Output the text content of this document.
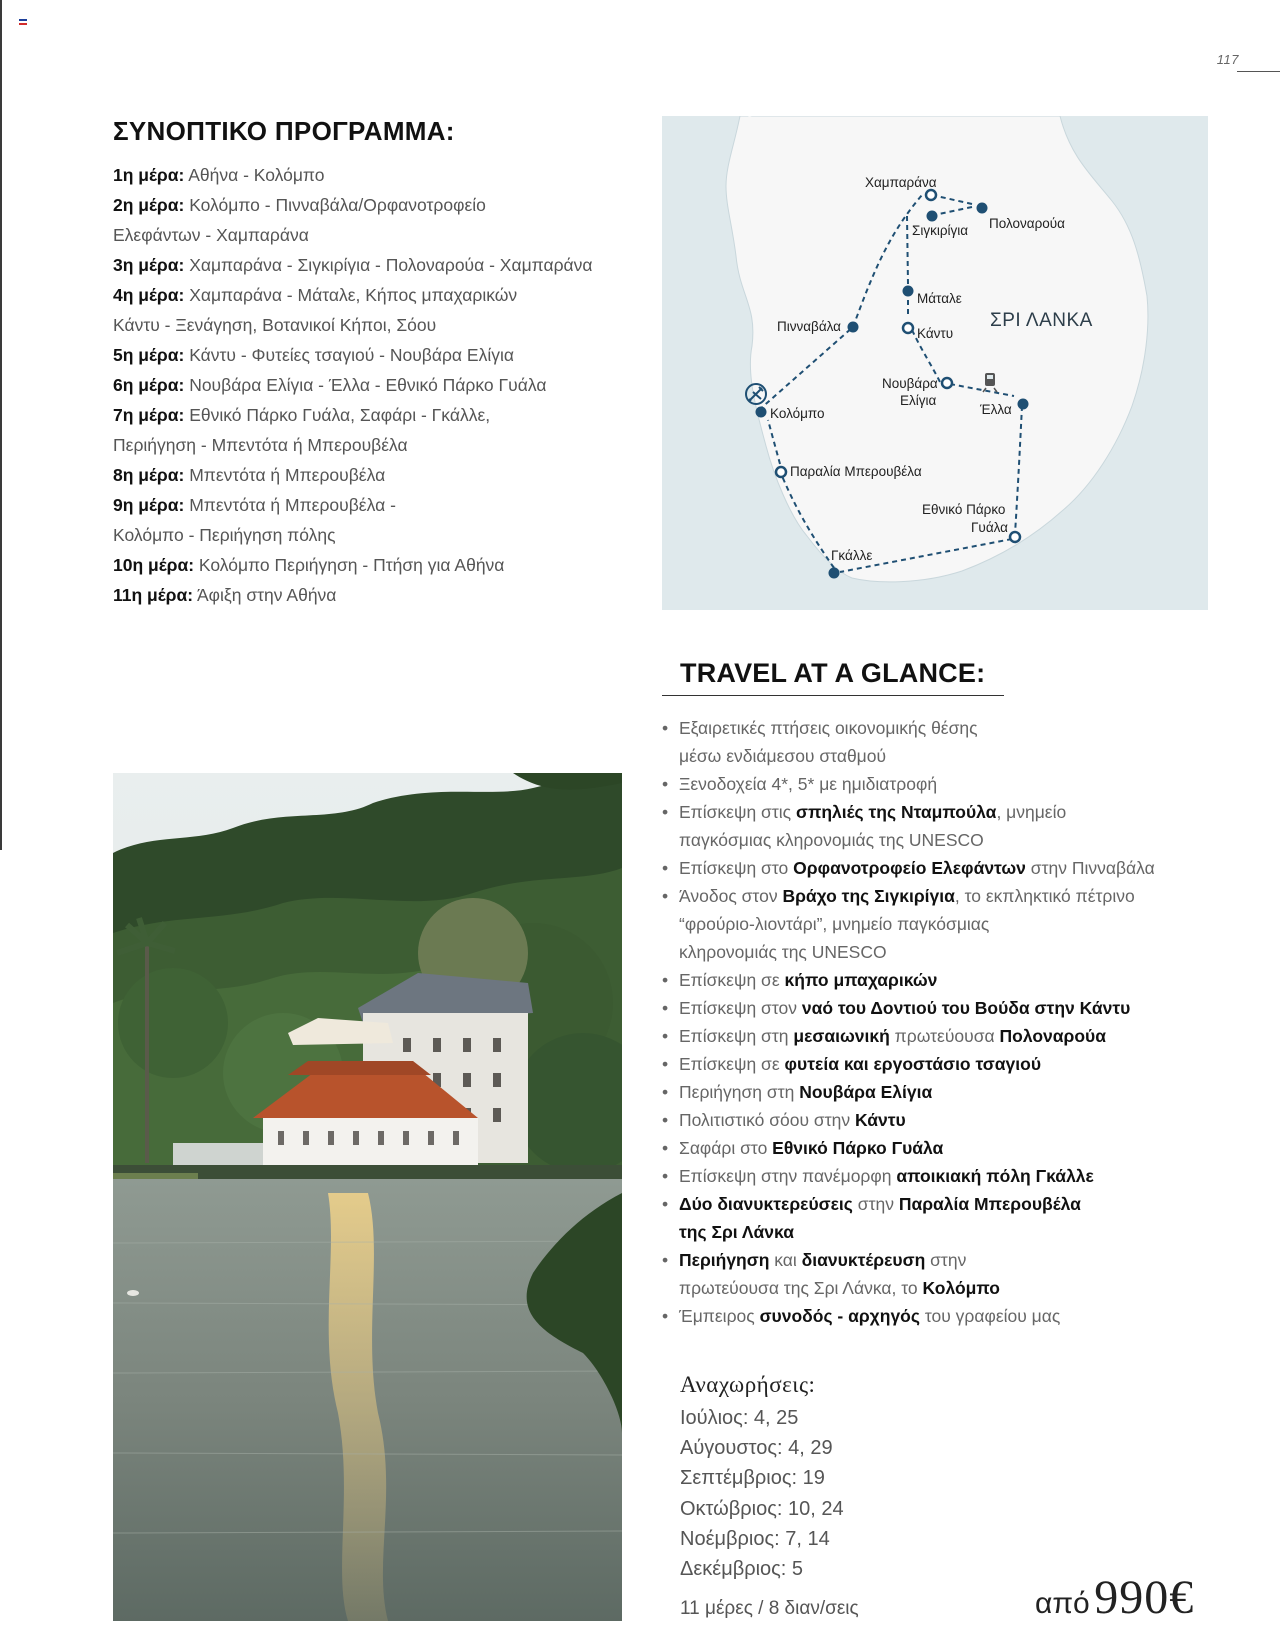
117
ΣΥΝΟΠΤΙΚΟ ΠΡΟΓΡΑΜΜΑ:
1η μέρα: Αθήνα - Κολόμπο
2η μέρα: Κολόμπο - Πινναβάλα/Ορφανοτροφείο
Ελεφάντων - Χαμπαράνα
3η μέρα: Χαμπαράνα - Σιγκιρίγια - Πολοναρούα - Χαμπαράνα
4η μέρα: Χαμπαράνα - Μάταλε, Κήπος μπαχαρικών
Κάντυ - Ξενάγηση, Βοτανικοί Κήποι, Σόου
5η μέρα: Κάντυ - Φυτείες τσαγιού - Νουβάρα Ελίγια
6η μέρα: Νουβάρα Ελίγια - Έλλα - Εθνικό Πάρκο Γυάλα
7η μέρα: Εθνικό Πάρκο Γυάλα, Σαφάρι - Γκάλλε,
Περιήγηση - Μπεντότα ή Μπερουβέλα
8η μέρα: Μπεντότα ή Μπερουβέλα
9η μέρα: Μπεντότα ή Μπερουβέλα -
Κολόμπο - Περιήγηση πόλης
10η μέρα: Κολόμπο Περιήγηση - Πτήση για Αθήνα
11η μέρα: Άφιξη στην Αθήνα
Χαμπαράνα
Πολοναρούα
Σιγκιρίγια
Μάταλε
Κάντυ
Πινναβάλα
Νουβάρα
Ελίγια
Έλλα
Κολόμπο
Παραλία Μπερουβέλα
Εθνικό Πάρκο
Γυάλα
Γκάλλε
ΣΡΙ ΛΑΝΚΑ
TRAVEL AT A GLANCE:
• Εξαιρετικές πτήσεις οικονομικής θέσης
μέσω ενδιάμεσου σταθμού
• Ξενοδοχεία 4*, 5* με ημιδιατροφή
• Επίσκεψη στις σπηλιές της Νταμπούλα, μνημείο
παγκόσμιας κληρονομιάς της UNESCO
• Επίσκεψη στο Ορφανοτροφείο Ελεφάντων στην Πινναβάλα
• Άνοδος στον Βράχο της Σιγκιρίγια, το εκπληκτικό πέτρινο
“φρούριο-λιοντάρι”, μνημείο παγκόσμιας
κληρονομιάς της UNESCO
• Επίσκεψη σε κήπο μπαχαρικών
• Επίσκεψη στον ναό του Δοντιού του Βούδα στην Κάντυ
• Επίσκεψη στη μεσαιωνική πρωτεύουσα Πολοναρούα
• Επίσκεψη σε φυτεία και εργοστάσιο τσαγιού
• Περιήγηση στη Νουβάρα Ελίγια
• Πολιτιστικό σόου στην Κάντυ
• Σαφάρι στο Εθνικό Πάρκο Γυάλα
• Επίσκεψη στην πανέμορφη αποικιακή πόλη Γκάλλε
• Δύο διανυκτερεύσεις στην Παραλία Μπερουβέλα
της Σρι Λάνκα
• Περιήγηση και διανυκτέρευση στην
πρωτεύουσα της Σρι Λάνκα, το Κολόμπο
• Έμπειρος συνοδός - αρχηγός του γραφείου μας
Αναχωρήσεις:
Ιούλιος: 4, 25
Αύγουστος: 4, 29
Σεπτέμβριος: 19
Οκτώβριος: 10, 24
Νοέμβριος: 7, 14
Δεκέμβριος: 5
11 μέρες / 8 διαν/σεις	από 990€
